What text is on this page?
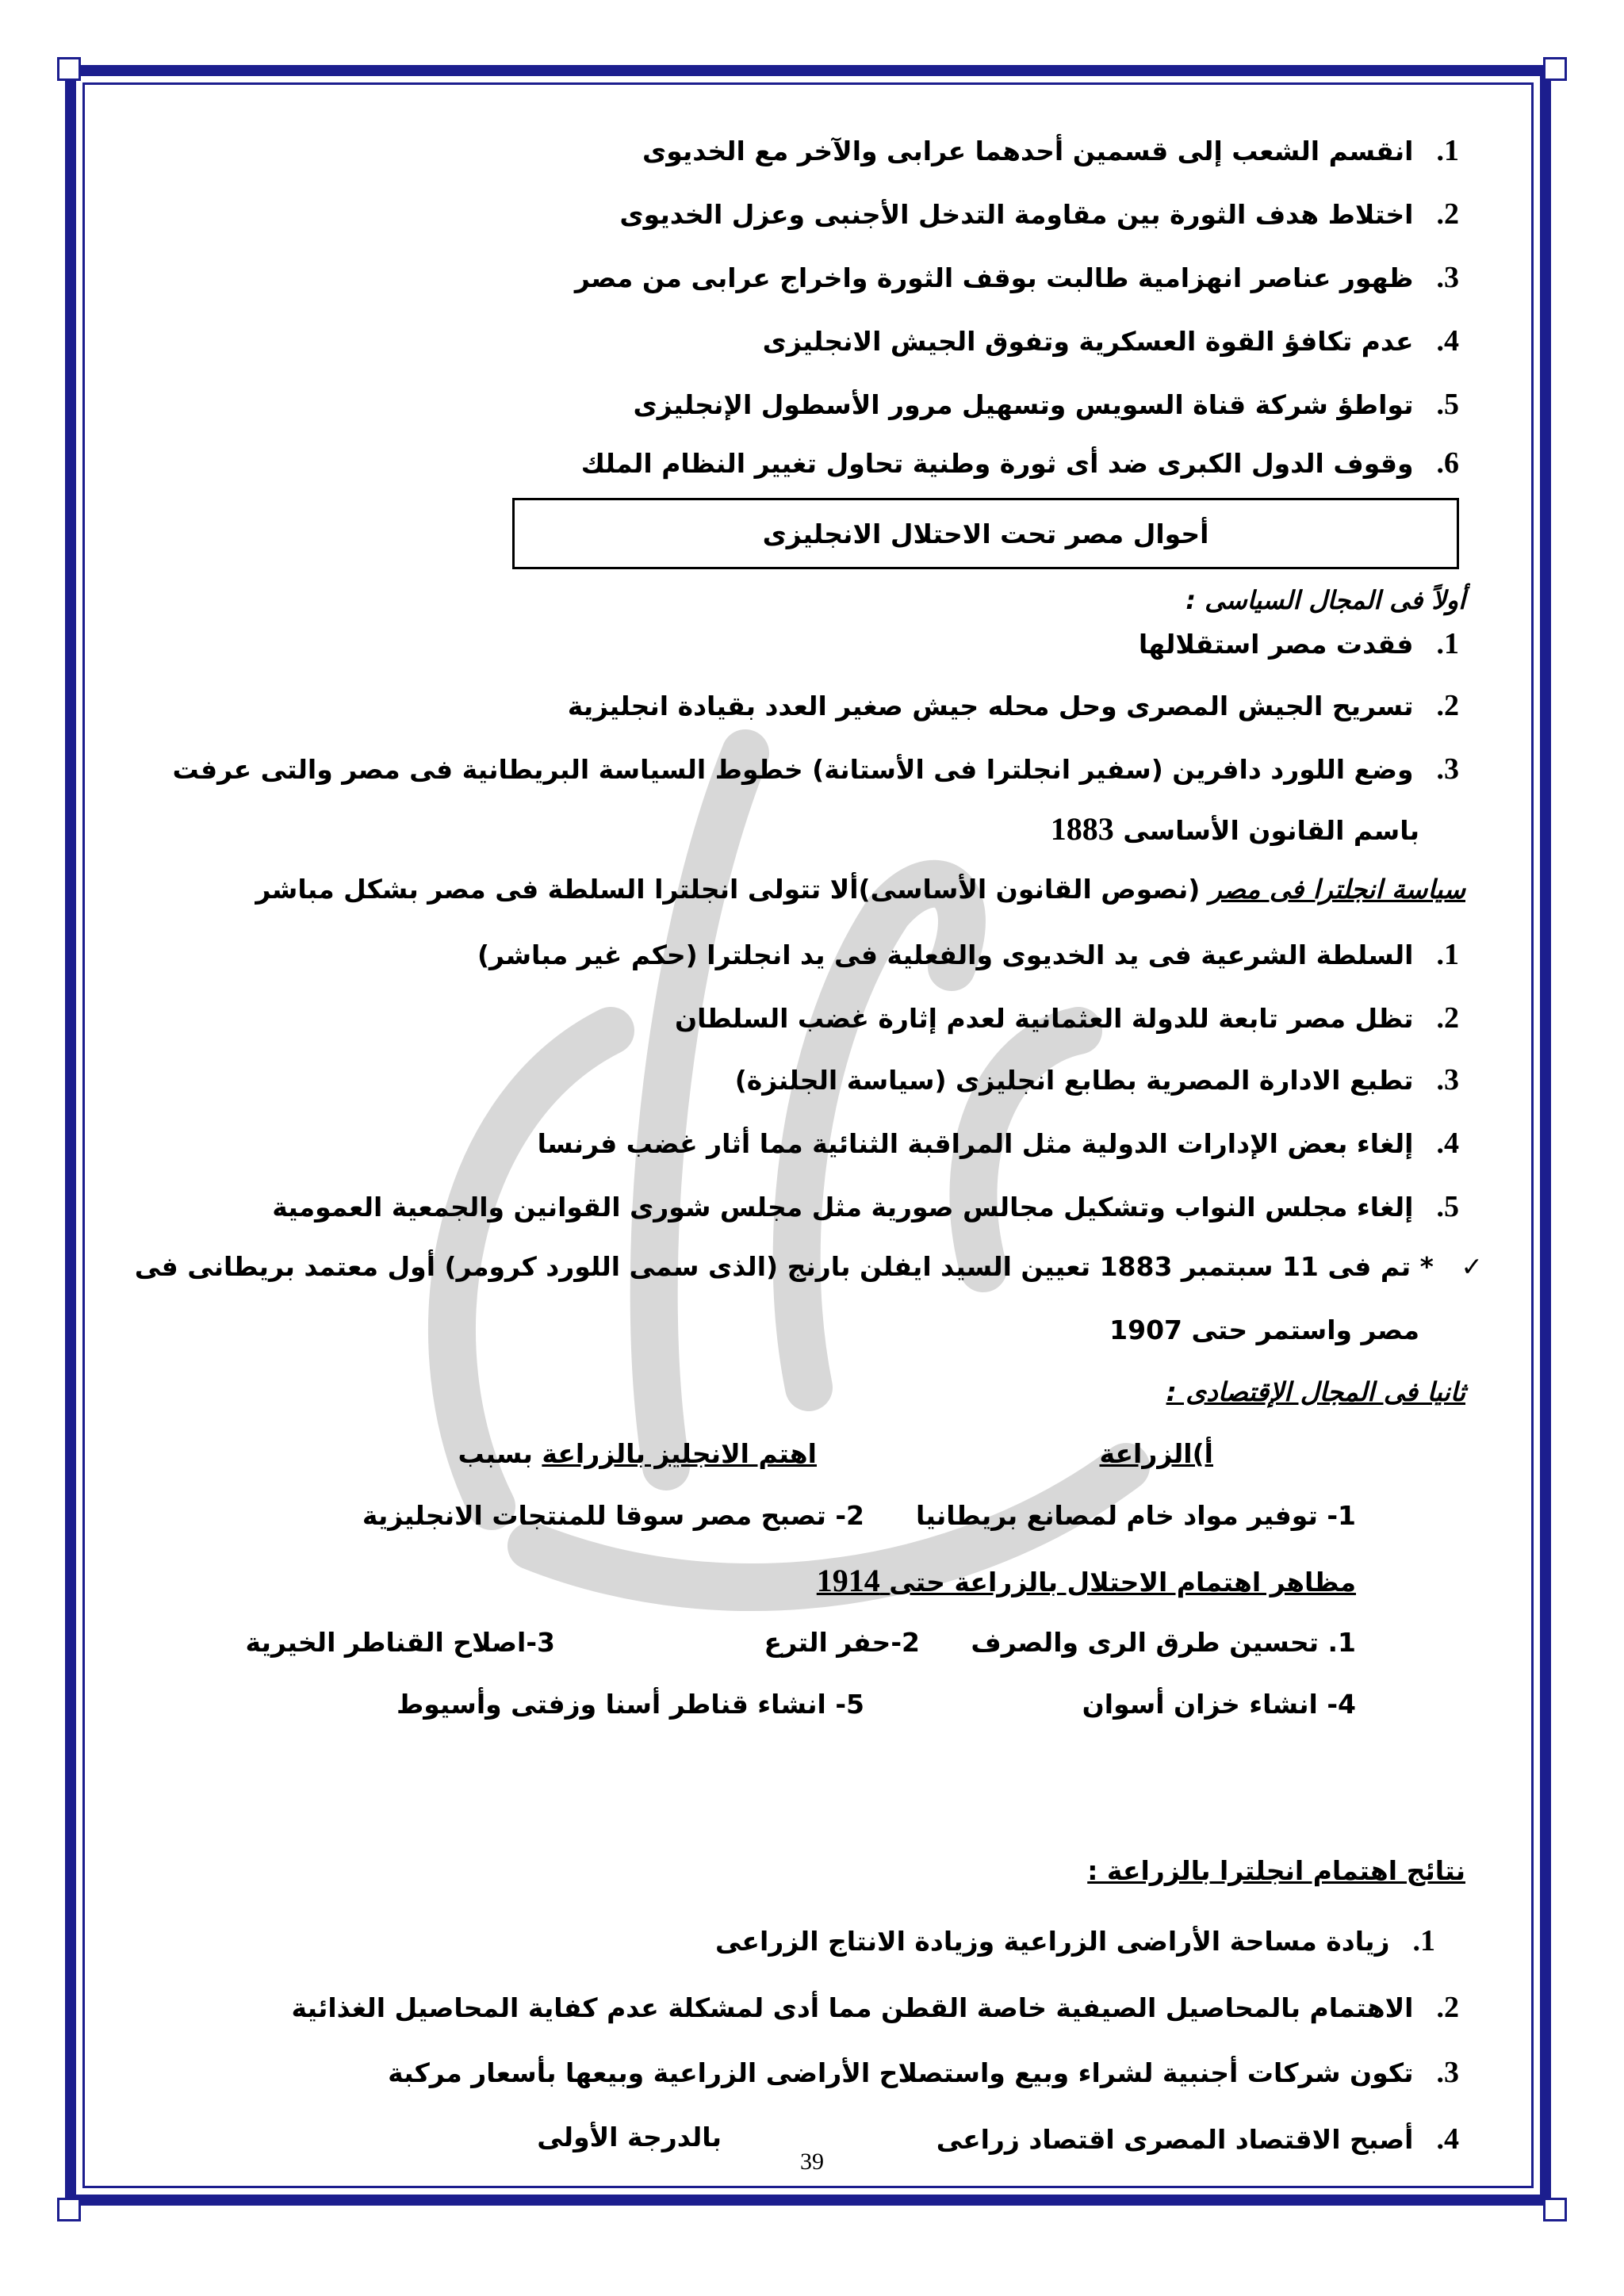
1. انقسم الشعب إلى قسمين أحدهما عرابى والآخر مع الخديوى
2. اختلاط هدف الثورة بين مقاومة التدخل الأجنبى وعزل الخديوى
3. ظهور عناصر انهزامية طالبت بوقف الثورة واخراج عرابى من مصر
4. عدم تكافؤ القوة العسكرية وتفوق الجيش الانجليزى
5. تواطؤ شركة قناة السويس وتسهيل مرور الأسطول الإنجليزى
6. وقوف الدول الكبرى ضد أى ثورة وطنية تحاول تغيير النظام الملك
أحوال مصر تحت الاحتلال الانجليزى
أولاً فى المجال السياسى :
1. فقدت مصر استقلالها
2. تسريح الجيش المصرى وحل محله جيش صغير العدد بقيادة انجليزية
3. وضع اللورد دافرين (سفير انجلترا فى الأستانة) خطوط السياسة البريطانية فى مصر والتى عرفت
باسم القانون الأساسى 1883
سياسة انجلترا فى مصر (نصوص القانون الأساسى)ألا تتولى انجلترا السلطة فى مصر بشكل مباشر
1. السلطة الشرعية فى يد الخديوى والفعلية فى يد انجلترا (حكم غير مباشر)
2. تظل مصر تابعة للدولة العثمانية لعدم إثارة غضب السلطان
3. تطبع الادارة المصرية بطابع انجليزى (سياسة الجلنزة)
4. إلغاء بعض الإدارات الدولية مثل المراقبة الثنائية مما أثار غضب فرنسا
5. إلغاء مجلس النواب وتشكيل مجالس صورية مثل مجلس شورى القوانين والجمعية العمومية
✓   * تم فى 11 سبتمبر 1883 تعيين السيد ايفلن بارنج (الذى سمى اللورد كرومر) أول معتمد بريطانى فى
مصر واستمر حتى 1907
ثانيا فى المجال الإقتصادى :
أ)الزراعة
اهتم الانجليز بالزراعة بسبب
1- توفير مواد خام لمصانع بريطانيا
2- تصبح مصر سوقا للمنتجات الانجليزية
مظاهر اهتمام الاحتلال بالزراعة حتى 1914
1. تحسين طرق الرى والصرف
2-حفر الترع
3-اصلاح القناطر الخيرية
4- انشاء خزان أسوان
5- انشاء قناطر أسنا وزفتى وأسيوط
نتائج اهتمام انجلترا بالزراعة :
1. زيادة مساحة الأراضى الزراعية وزيادة الانتاج الزراعى
2. الاهتمام بالمحاصيل الصيفية خاصة القطن مما أدى لمشكلة عدم كفاية المحاصيل الغذائية
3. تكون شركات أجنبية لشراء وبيع واستصلاح الأراضى الزراعية وبيعها بأسعار مركبة
4. أصبح الاقتصاد المصرى اقتصاد زراعى
بالدرجة الأولى
39
